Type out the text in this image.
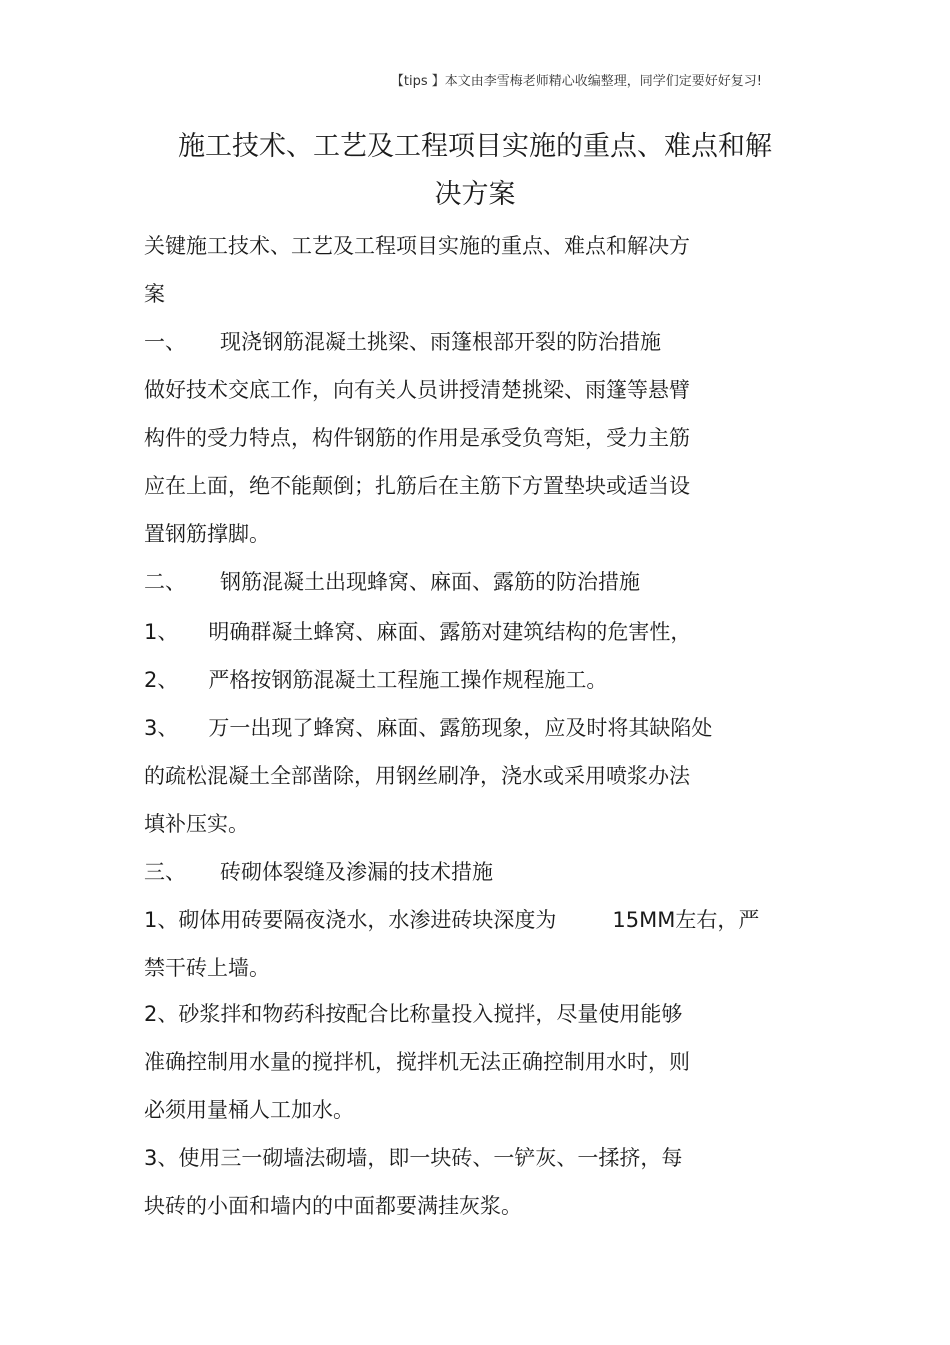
【tips 】本文由李雪梅老师精心收编整理，同学们定要好好复习!
施工技术、工艺及工程项目实施的重点、难点和解
决方案
关键施工技术、工艺及工程项目实施的重点、难点和解决方
案
一、 现浇钢筋混凝土挑梁、雨篷根部开裂的防治措施
做好技术交底工作，向有关人员讲授清楚挑梁、雨篷等悬臂
构件的受力特点，构件钢筋的作用是承受负弯矩，受力主筋
应在上面，绝不能颠倒；扎筋后在主筋下方置垫块或适当设
置钢筋撑脚。
二、 钢筋混凝土出现蜂窝、麻面、露筋的防治措施
1、 明确群凝土蜂窝、麻面、露筋对建筑结构的危害性，
2、 严格按钢筋混凝土工程施工操作规程施工。
3、 万一出现了蜂窝、麻面、露筋现象，应及时将其缺陷处
的疏松混凝土全部凿除，用钢丝刷净，浇水或采用喷浆办法
填补压实。
三、 砖砌体裂缝及渗漏的技术措施
1、砌体用砖要隔夜浇水，水渗进砖块深度为	15MM左右，严
禁干砖上墙。
2、砂浆拌和物药科按配合比称量投入搅拌，尽量使用能够
准确控制用水量的搅拌机，搅拌机无法正确控制用水时，则
必须用量桶人工加水。
3、使用三一砌墙法砌墙，即一块砖、一铲灰、一揉挤，每
块砖的小面和墙内的中面都要满挂灰浆。
